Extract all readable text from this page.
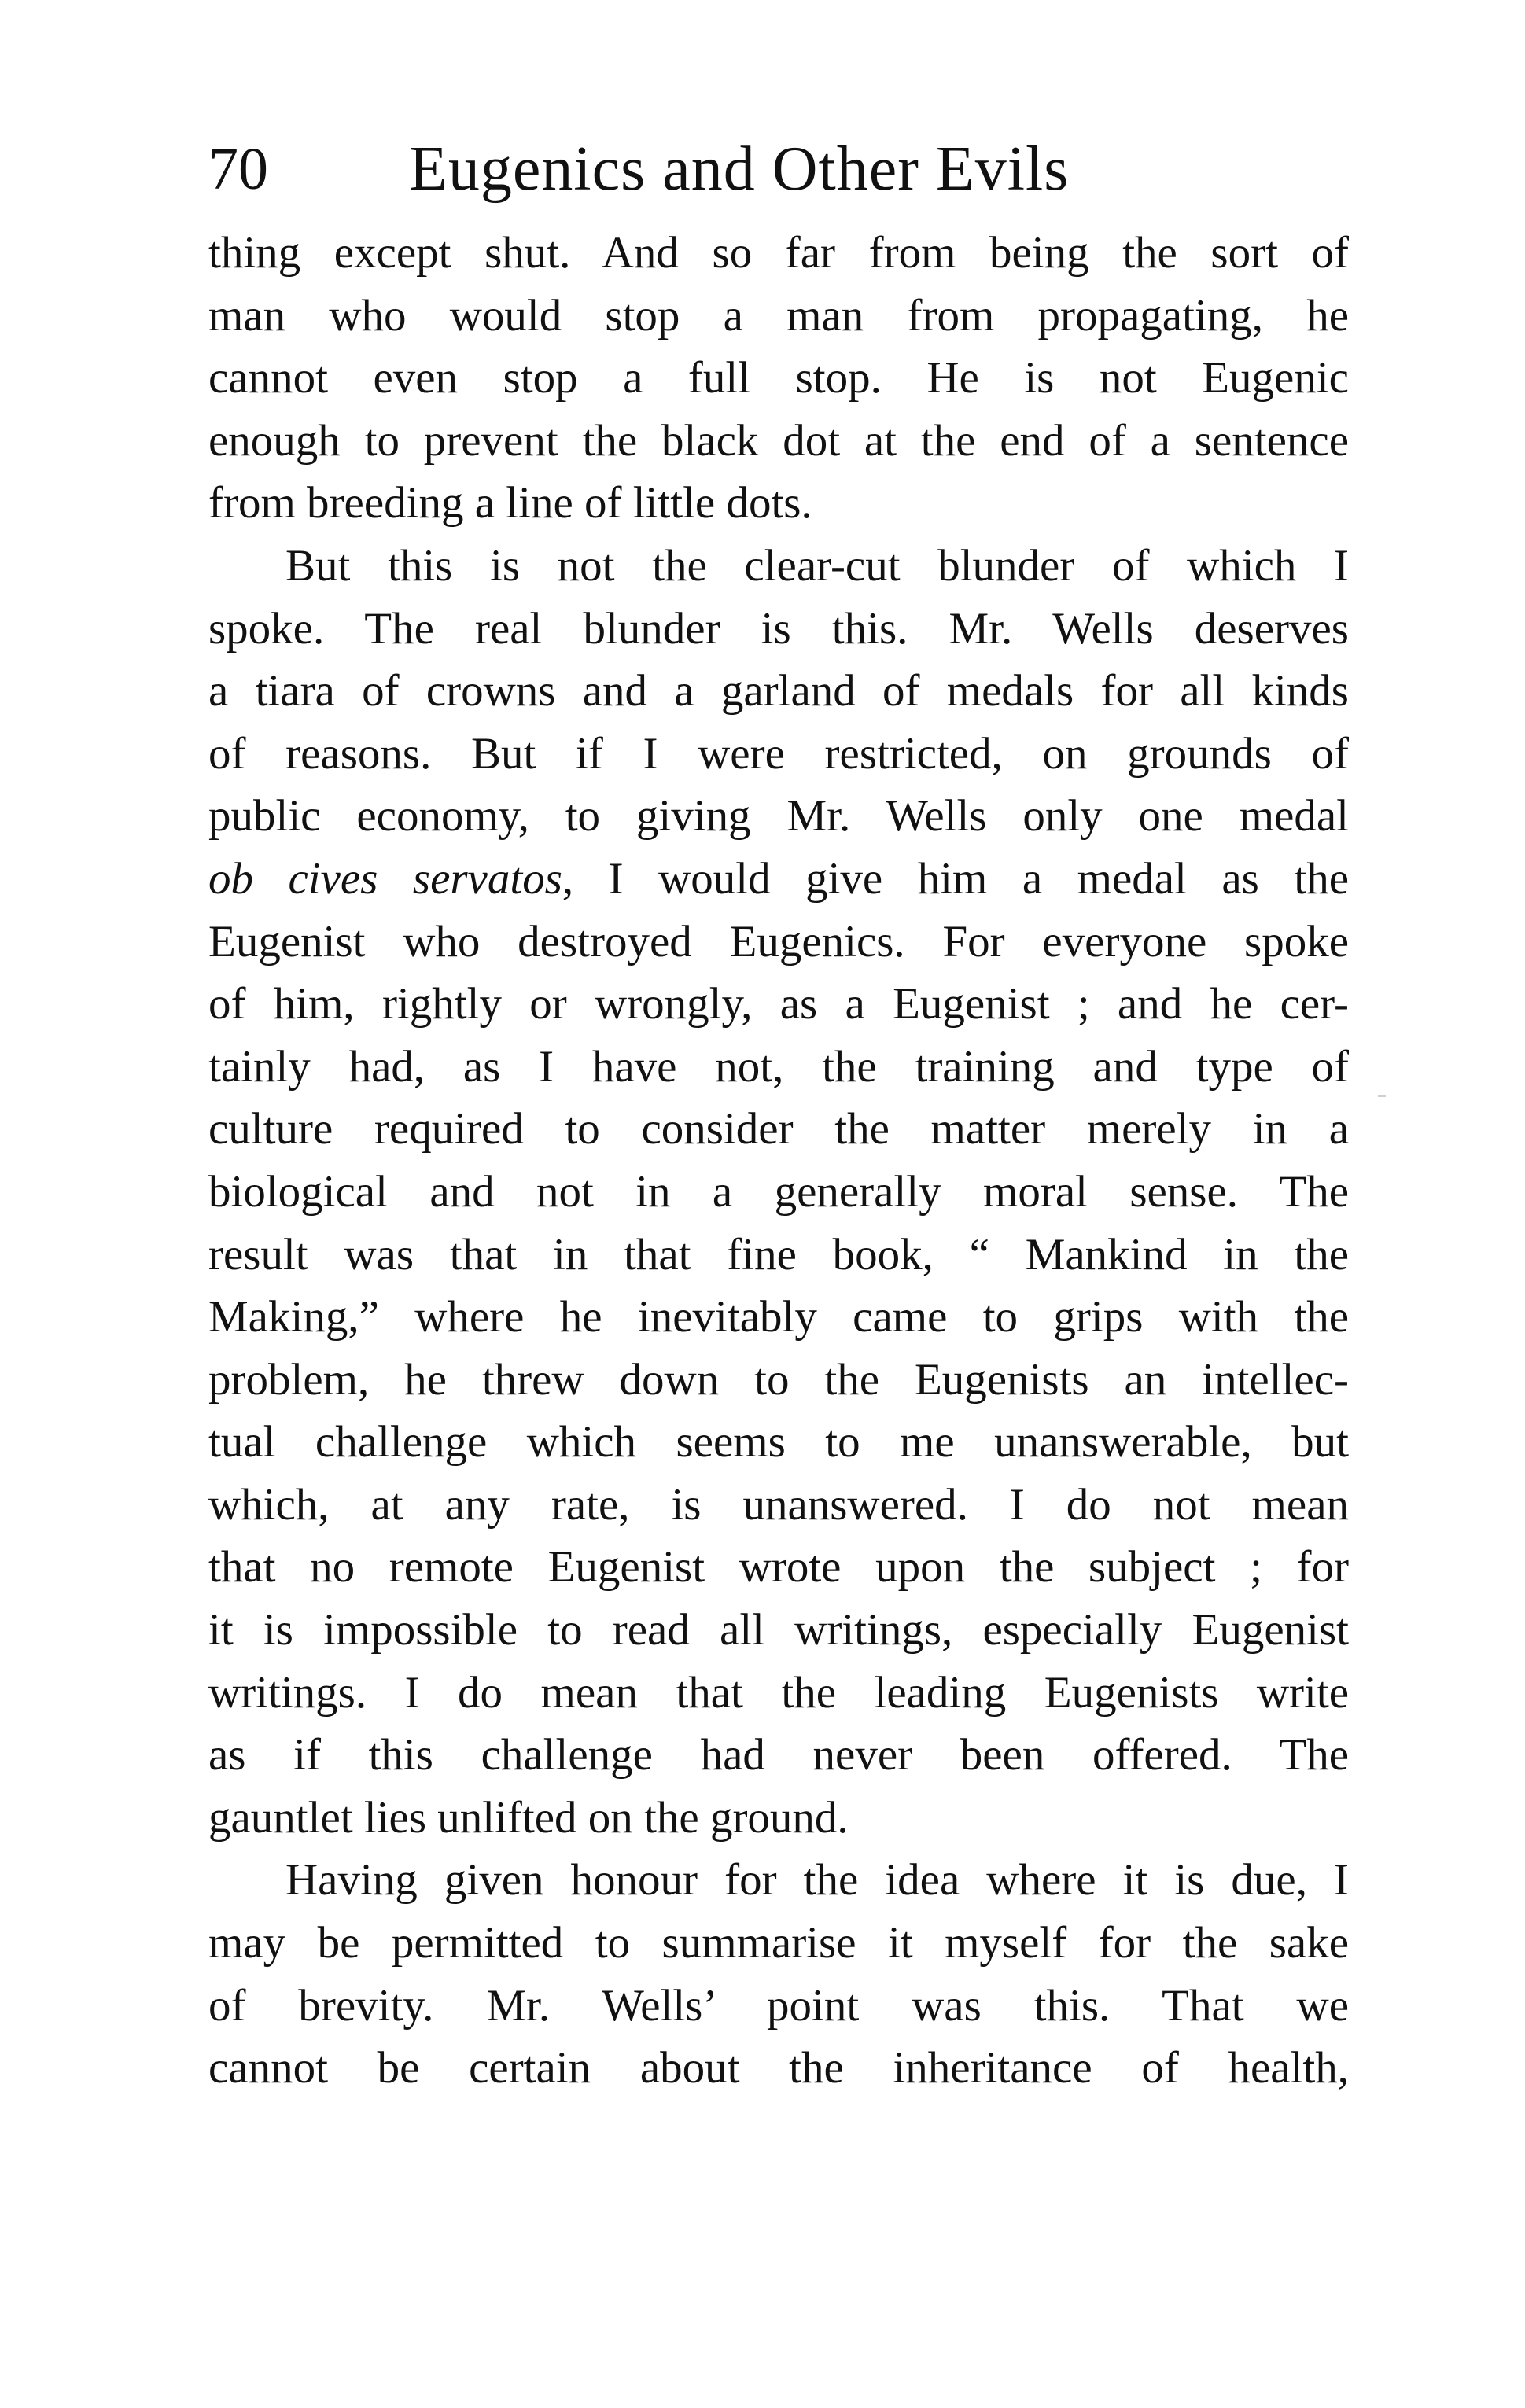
70 Eugenics and Other Evils
thing except shut. And so far from being the sort of
man who would stop a man from propagating, he
cannot even stop a full stop. He is not Eugenic
enough to prevent the black dot at the end of a sentence
from breeding a line of little dots.
But this is not the clear-cut blunder of which I
spoke. The real blunder is this. Mr. Wells deserves
a tiara of crowns and a garland of medals for all kinds
of reasons. But if I were restricted, on grounds of
public economy, to giving Mr. Wells only one medal
ob cives servatos, I would give him a medal as the
Eugenist who destroyed Eugenics. For everyone spoke
of him, rightly or wrongly, as a Eugenist ; and he cer-
tainly had, as I have not, the training and type of
culture required to consider the matter merely in a
biological and not in a generally moral sense. The
result was that in that fine book, “ Mankind in the
Making,” where he inevitably came to grips with the
problem, he threw down to the Eugenists an intellec-
tual challenge which seems to me unanswerable, but
which, at any rate, is unanswered. I do not mean
that no remote Eugenist wrote upon the subject ; for
it is impossible to read all writings, especially Eugenist
writings. I do mean that the leading Eugenists write
as if this challenge had never been offered. The
gauntlet lies unlifted on the ground.
Having given honour for the idea where it is due, I
may be permitted to summarise it myself for the sake
of brevity. Mr. Wells’ point was this. That we
cannot be certain about the inheritance of health,
